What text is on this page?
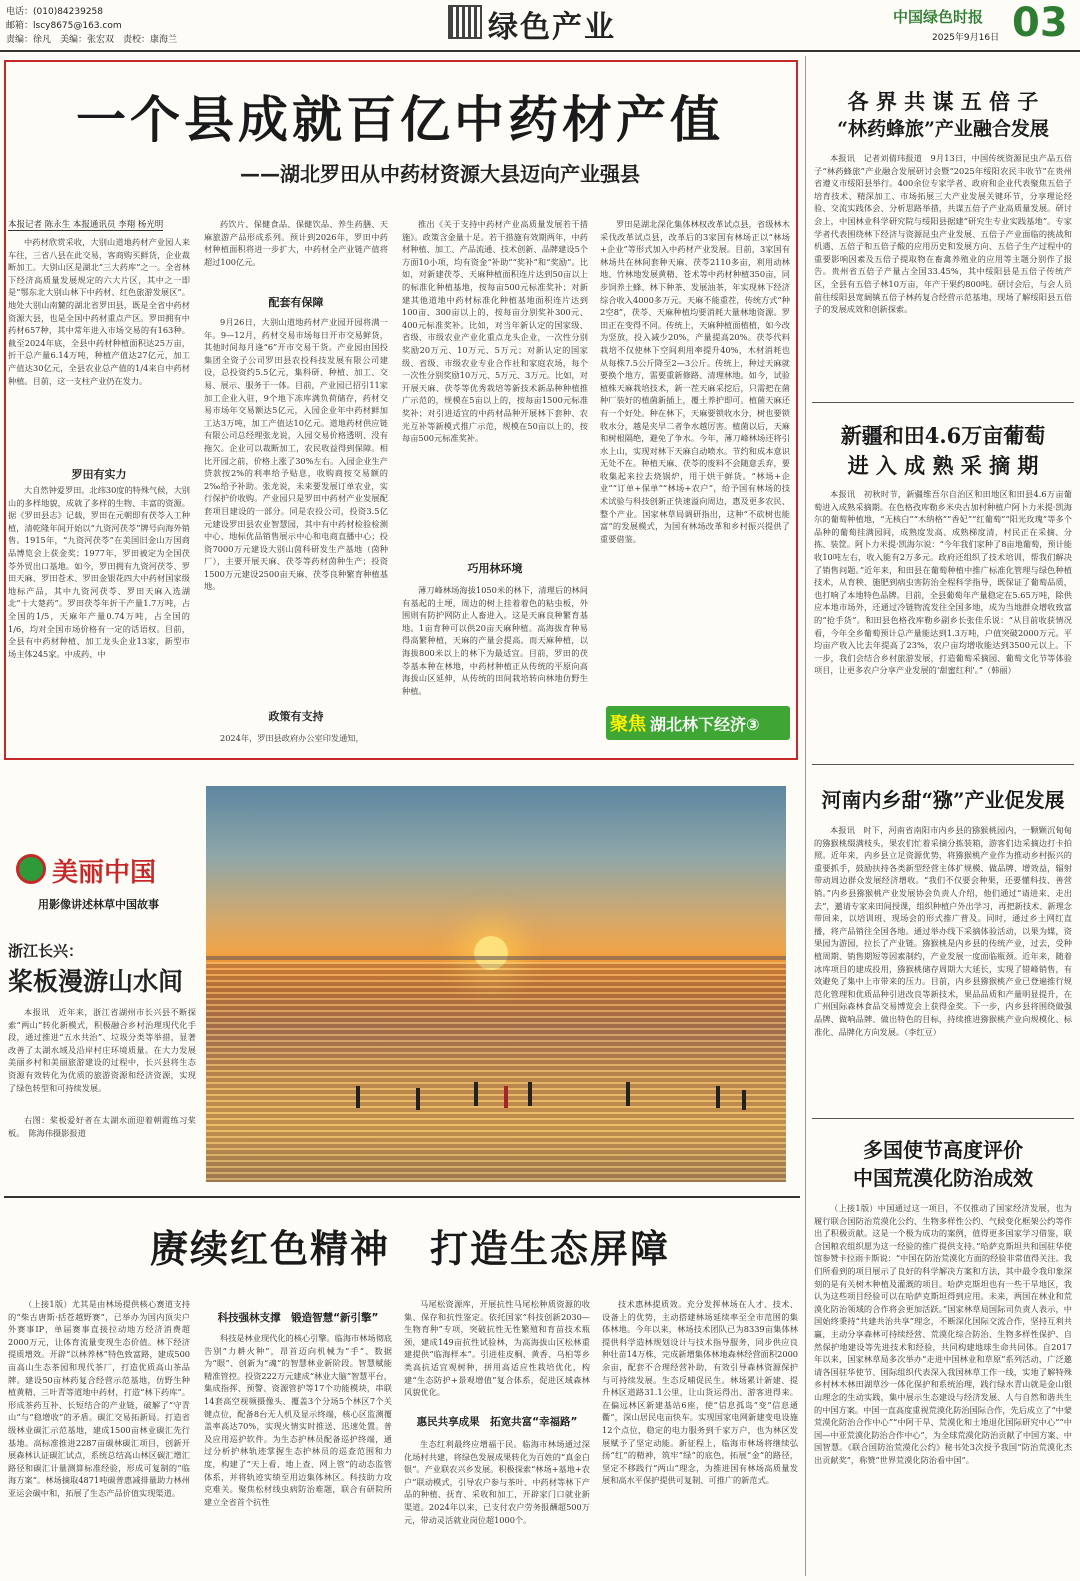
电话：(010)84239258
邮箱：lscy8675@163.com
责编：徐凡　美编：张宏双　责校：康海兰	绿色产业	中国绿色时报
2025年9月16日 03
一个县成就百亿中药材产值
——湖北罗田从中药材资源大县迈向产业强县
本报记者 陈永生 本报通讯员 李翔 杨光明
中药材欣赏采收，大别山道地药材产业园人来车往，三省八县在此交易，客商购买鲜货，企业裁断加工。大别山区是湖北“三大药库”之一。全省林下经济高质量发展规定的六大片区，其中之一即是“鄂东北大别山林下中药材、红色旅游发展区”。地处大别山南麓的湖北省罗田县，既是全省中药材资源大县，也是全国中药材重点产区。罗田拥有中药材657种，其中常年进入市场交易的有163种。截至2024年底，全县中药材种植面积达25万亩，折干总产量6.14万吨，种植产值达27亿元，加工产值达30亿元，全县农业总产值的1/4来自中药材种植。目前，这一支柱产业仍在发力。
罗田有实力
大自然钟爱罗田。北纬30度的特殊气候，大别山的多样地貌，成就了多样的生物、丰富的资源。据《罗田县志》记载，罗田在元朝即有茯苓入工种植，清乾隆年间开始以“九资河茯苓”牌号向海外销售。1915年，“九资河茯苓”在美国旧金山万国商品博览会上获金奖；1977年，罗田被定为全国茯苓外贸出口基地。如今，罗田拥有九资河茯苓、罗田天麻、罗田苍术、罗田金银花四大中药材国家级地标产品，其中九资河茯苓、罗田天麻入选湖北“十大楚药”。罗田茯苓年折干产量1.7万吨，占全国的1/5，天麻年产量0.74万吨，占全国的1/6，均对全国市场价格有一定的话语权。目前，全县有中药材种植、加工龙头企业13家，新型市场主体245家。中成药、中
药饮片、保健食品、保健饮品、养生药膳、天麻旅游产品形成系列。预计到2026年，罗田中药材种植面积将进一步扩大，中药材全产业链产值将超过100亿元。
配套有保障
9月26日，大别山道地药材产业园开园将满一年。9—12月，药材交易市场每日开市交易鲜货，其他时间每月逢“6”开市交易干货。产业园由国投集团全资子公司罗田县农投科技发展有限公司建设，总投资约5.5亿元，集科研、种植、加工、交易、展示、服务于一体。目前，产业园已招引11家加工企业入驻，9个地下冻库满负荷储存，药材交易市场年交易额达5亿元，入园企业年中药材鲜加工达3万吨，加工产值达10亿元。道地药材供应链有限公司总经理张龙说，入园交易价格透明、没有拖欠。企业可以裁断加工，农民收益得到保障。相比开园之前，价格上涨了30%左右。入园企业生产贷款按2%的利率给予贴息，收购商按交易额的2‰给予补助。张龙说，未来要发展订单农业，实行保护价收购。产业园只是罗田中药材产业发展配套项目建设的一部分。同是农投公司，投资3.5亿元建设罗田县农业智慧园，其中有中药材检验检测中心、地标优品销售展示中心和电商直播中心；投资7000万元建设大别山茵科研发生产基地（茵种厂），主要开展天麻、茯苓等药材茵种生产；投资1500万元建设2500亩天麻、茯苓良种繁育种植基地。
政策有支持
2024年，罗田县政府办公室印发通知，
推出《关于支持中药材产业高质量发展若干措施》。政策含金量十足。若干措施有效期两年，中药材种植、加工、产品流通、技术创新、品牌建设5个方面10小项，均有资金“补助”“奖补”和“奖励”。比如，对新建茯苓、天麻种植面积连片达到50亩以上的标准化种植基地，按每亩500元标准奖补；对新建其他道地中药材标准化种植基地面积连片达到100亩、300亩以上的，按每亩分别奖补300元、400元标准奖补。比如，对当年新认定的国家级、省级、市级农业产业化重点龙头企业，一次性分别奖励20万元、10万元、5万元；对新认定的国家级、省级、市级农业专业合作社和家庭农场，每个一次性分别奖励10万元、5万元、3万元。比如，对开展天麻、茯苓等优秀栽培等新技术新品种种植推广示范的，规模在5亩以上的，按每亩1500元标准奖补；对引进适宜的中药材品种开展林下套种、农光互补等新模式推广示范，规模在50亩以上的，按每亩500元标准奖补。
巧用林环境
薄刀峰林场海拔1050米的林下，清理后的林间有基起的土埂，周边的树上挂着着色的粘虫板，外围则有防护网防止人畜进入。这是天麻良种繁育基地。1亩育种可以供20亩天麻种植。高海拔育种易得高繁种植，天麻的产量会提高。而天麻种植，以海拔800米以上的林下为最适宜。目前，罗田的茯苓基本种在林地，中药材种植正从传统的平原向高海拔山区延伸，从传统的田间栽培转向林地仿野生种植。
罗田是湖北深化集体林权改革试点县，省级林木采伐改革试点县，改革后的3家国有林场正以“林场+企业”等形式加入中药材产业发展。目前，3家国有林场共在林间套种天麻、茯苓2110多亩，利用动林地、竹林地发展黄精、苍术等中药材种植350亩，同步饲养土蜂、林下种茶、发展油茶，年实现林下经济综合收入4000多万元。天麻不能重茬，传统方式“种2空8”，茯苓、天麻种植均要消耗大量林地资源。罗田正在变得不同。传统上，天麻种植面植植，如今改为竖放，投入减少20%，产量提高20%。茯苓代料栽培不仅使林下空间利用率提升40%，木材消耗也从每株7.5公斤降至2—3公斤。传统上，种过天麻就要换个地方，需要重新修路、清理林地。如今，试验植株天麻栽培技术，新一茬天麻采挖后，只需把在菌种厂装好的植菌新插上，覆土养护即可。植菌天麻还有一个好处。种在林下，天麻要锁收水分，树也要锁收水分，越是夹早二者争水越厉害。植菌以后，天麻和树根隔绝，避免了争水。今年，薄刀峰林场还将引水上山，实现对林下天麻自动喷水。节约和成本意识无处不在。种植天麻、茯苓的废料不会随意丢弃，要收集起来拉去烧锅炉，用于烘干鲜货。“林场+企业”“订单+保单”“林场+农户”，给予国有林场的技术试验与科技创新正快速溢向周边，惠及更多农民、整个产业。国家林草局调研指出，这种“不砍树也能富”的发展模式，为国有林场改革和乡村振兴提供了重要借鉴。
聚焦 湖北林下经济③
各 界 共 谋 五 倍 子
“林药蜂旅”产业融合发展
本报讯　记者刘倩玮报道　9月13日，中国传统资源昆虫产品五倍子“林药蜂旅”产业融合发展研讨会暨“2025年绥阳农民丰收节”在贵州省遵义市绥阳县举行。400余位专家学者、政府和企业代表聚焦五倍子培育技术、精深加工、市场拓展三大产业发展关键环节，分享理论经验、交流实践体会、分析思路举措，共谋五倍子产业高质量发展。研讨会上，中国林业科学研究院与绥阳县据建“研究生专业实践基地”。专家学者代表围绕林下经济与资源昆虫产业发展、五倍子产业面临的挑战和机遇、五倍子和五倍子酸的应用历史和发展方向、五倍子生产过程中的重要影响因素及五倍子提取物在畜禽养殖业的应用等主题分别作了报告。贵州省五倍子产量占全国33.45%，其中绥阳县是五倍子传统产区，全县有五倍子林10万亩，年产干果约800吨。研讨会后，与会人员前往绥阳县宽阔镇五倍子林药复合经营示范基地，现场了解绥阳县五倍子的发展成效和创新探索。
新疆和田4.6万亩葡萄
进 入 成 熟 采 摘 期
本报讯　初秋时节，新疆维吾尔自治区和田地区和田县4.6万亩葡萄进入成熟采摘期。在色格孜库勒乡米央古加村种植户阿卜力米提·凯海尔的葡萄种植地，“无核白”“木纳格”“香妃”“红葡萄”“阳光玫瑰”等多个品种的葡萄挂满园间，成熟度发高、成熟梯度清，村民正在采摘、分拣、装筐。阿卜力米提·凯海尔说：“今年我们家种了8亩地葡萄，预计能收10吨左右，收入能有2万多元。政府还组织了技术培训，帮我们解决了销售问题。”近年来，和田县在葡萄种植中推广标准化管理与绿色种植技术，从育秧、施肥到病虫害防治全程科学指导，既保证了葡萄品质，也打响了本地特色品牌。目前，全县葡萄年产量稳定在5.65万吨，除供应本地市场外，还通过冷链物流发往全国多地，成为当地群众增收致富的“抢手货”。和田县色格孜库勒乡副乡长张佳乐说：“从目前收获情况看，今年全乡葡萄预计总产量能达到1.3万吨，户值突破2000万元。平均亩产收入比去年提高了23%，农户亩均增收能达到3500元以上。下一步，我们会结合乡村旅游发展，打造葡萄采摘园、葡萄文化节等体验项目，让更多农户分享产业发展的‘甜蜜红利’。”（韩丽）
河南内乡甜“猕”产业促发展
本报讯　时下，河南省南阳市内乡县的猕猴桃园内，一颗颗沉甸甸的猕猴桃缀满枝头，果农们忙着采摘分拣装箱，游客们边采摘边打卡拍照。近年来，内乡县立足资源优势，将猕猴桃产业作为推动乡村振兴的重要抓手，鼓励扶持各类新型经营主体扩规模、做品牌、增效益，辐射带动周边群众发展经济增收。“我们不仅要会种果，还要懂科技、善营销。”内乡县猕猴桃产业发展协会负责人介绍，他们通过“请进来、走出去”，邀请专家来田间授课，组织种植户外出学习，再把新技术、新理念带回来，以培训班、现场会的形式推广普及。同时，通过乡土网红直播，将产品销往全国各地。通过举办线下采摘体验活动，以果为媒，资果园为游园，拉长了产业链。猕猴桃是内乡县的传统产业，过去，受种植周期、销售期短等因素制约，产业发展一度面临瓶颈。近年来，随着冰库项目的建成投用，猕猴桃储存周期大大延长，实现了错峰销售，有效避免了集中上市带来的压力。目前，内乡县猕猴桃产业已登遍推行规范化管理和优质品种引进改良等新技术，果品品质和产量明显提升，在广州国际森林食品交易博览会上获得金奖。下一步，内乡县将围绕做强品牌、做响品牌、做出特色的目标，持续推进猕猴桃产业向规模化、标准化、品牌化方向发展。（李红豆）
多国使节高度评价
中国荒漠化防治成效
（上接1版）中国通过这一项目，不仅推动了国家经济发展，也为履行联合国防治荒漠化公约、生物多样性公约、气候变化框架公约等作出了积极贡献。这是一个极为成功的案例，值得更多国家学习借鉴，联合国粮农组织愿为这一经验的推广提供支持。”哈萨克斯坦共和国驻华使馆参赞卡拉雨卡斯说：“中国在防治荒漠化方面的经验非常值得关注。我们所看到的项目展示了良好的科学解决方案和方法，其中最令我印象深刻的是有关树木种植及灌溉的项目。哈萨克斯坦也有一些干旱地区，我认为这些项目经验可以在哈萨克斯坦得到应用。未来，两国在林业和荒漠化防治领域的合作将会更加活跃。”国家林草局国际司负责人表示，中国始终秉持“共建共治共享”理念，不断深化国际交流合作，坚持互利共赢，主动分享森林可持续经营、荒漠化综合防治、生物多样性保护、自然保护地建设等先进技术和经验，共同构建地球生命共同体。自2017年以来，国家林草局多次举办“走进中国林业和草原”系列活动，广泛邀请各国驻华使节、国际组织代表深入我国林草工作一线，实地了解特殊乡村林木林田湖草沙一体化保护和系统治理，践行绿水青山就是金山银山理念的生动实践，集中展示生态建设与经济发展、人与自然和谐共生的中国方案。中国一直高度重视荒漠化防治国际合作，先后成立了“中蒙荒漠化防治合作中心”“中阿干旱、荒漠化和土地退化国际研究中心”“中国—中亚荒漠化防治合作中心”，为全球荒漠化防治贡献了中国方案、中国智慧。《联合国防治荒漠化公约》秘书处3次授予我国“防治荒漠化杰出贡献奖”，称赞“世界荒漠化防治看中国”。
美丽中国
用影像讲述林草中国故事
浙江长兴：
桨板漫游山水间
本报讯　近年来，浙江省湖州市长兴县不断探索“两山”转化新模式，积极融合乡村治理现代化手段，通过推进“五水共治”、垃圾分类等举措，显著改善了太湖水域及沿岸村庄环境质量。在大力发展美丽乡村和美丽旅游建设的过程中，长兴县将生态资源有效转化为优质的旅游资源和经济资源，实现了绿色转型和可持续发展。
右图：桨板爱好者在太湖水面迎着朝霞练习桨板。　陈海伟摄影报道
赓续红色精神　打造生态屏障
（上接1版）尤其是由林场提供核心赛道支持的“柴古唐斯·括苍越野赛”，已举办为国内顶尖户外赛事IP，单届赛事直接拉动地方经济消费超2000万元，让体育流量变现生态价值。林下经济提质增效。开辟“以林养林”特色致富路，建成500亩高山生态茶园和现代茶厂，打造优质高山茶品牌。建设50亩林药复合经营示范基地，仿野生种植黄精、三叶青等道地中药材，打造“林下药库”。形成茶药互补、长短结合的产业链，破解了“守青山”与“稳增收”的矛盾。碳汇交易拓新局。打造省级林业碳汇示范基地，建成1500亩林业碳汇先行基地。高标准推进2287亩碳林碳汇项目，创新开展森林认证碳汇试点，系统总结高山林区碳汇增汇路径和碳汇计量测算标准经验，形成可复制的“临海方案”。林场摘取4871吨碳普惠减排量助力林州亚运会碳中和，拓展了生态产品价值实现渠道。
科技强林支撑　锻造智慧“新引擎”
科技是林业现代化的核心引擎。临海市林场彻底告别“力耕火种”，昂首迈向机械为“手”、数据为“眼”、创新为“魂”的智慧林业新阶段。智慧赋能精准管控。投资222万元建成“林业大脑”智慧平台，集成指挥、预警、资源管护等17个功能模块，串联14套高空视频摄像头、覆盖3个分场5个林区7个关键点位，配备8台无人机及显示终端，核心区监测覆盖率高达70%，实现火情实时推送、迅速处置。普及应用巡护软件。为生态护林员配备巡护终端，通过分析护林轨迹掌握生态护林员的巡查范围和力度，构建了“天上看、地上查、网上管”的动态监管体系，并将轨迹实绩至用边集体林区。科技助力攻克难关。聚焦松材线虫病防治难题，联合有研院所建立全省首个抗性
马尾松资源库，开展抗性马尾松种质资源的收集、保存和抗性鉴定。依托国家“科技创新2030—生物育种”专项，突破抗性无性繁殖和育苗技术瓶颈，建成149亩抗性试验林，为高海拔山区松林重建提供“临海样本”。引进桂皮桐、黄香、乌桕等乡类高抗适宜观树种，拼用高适应性栽培优化，构建“生态防护+景观增值”复合体系，促进区域森林风貌优化。
惠民共享成果　拓宽共富“幸福路”
生态红利最终应增福于民。临海市林场通过深化场村共建，将绿色发展成果转化为百姓的“真金白银”。产业联农兴乡发展。积极探索“林场+基地+农户”联动模式，引导农户参与茶叶、中药材等林下产品的种植、抚育、采收和加工，开辟家门口就业新渠道。2024年以来，已支付农户劳务报酬超500万元，带动灵活就业岗位超1000个。
技术惠林提质效。充分发挥林场在人才、技术、设备上的优势，主动搭建林场延续率至全市范围的集体林地。今年以来，林场技术团队已为8339亩集体林提供科学造林规划设计与技术指导服务，同步供应良种壮苗14万株，完成新增集体林地森林经营面积2000余亩，配套不合理经营补助，有效引导森林资源保护与可持续发展。生态反哺促民生。林场累计新建、提升林区道路31.1公里，让山货运得出、游客进得来。在偏远林区新建基站6座，使“信息孤岛”变“信息通衢”，深山居民电亩快车。实现国家电网新建变电设施12个点位，稳定的电力服务到千家万户，也为林区发展赋予了坚定动能。新征程上，临海市林场将继续弘扬“红”的精神，筑牢“绿”的底色，拓展“金”的路径，坚定不移践行“两山”理念，为推进国有林场高质量发展和高水平保护提供可复制、可推广的新范式。
